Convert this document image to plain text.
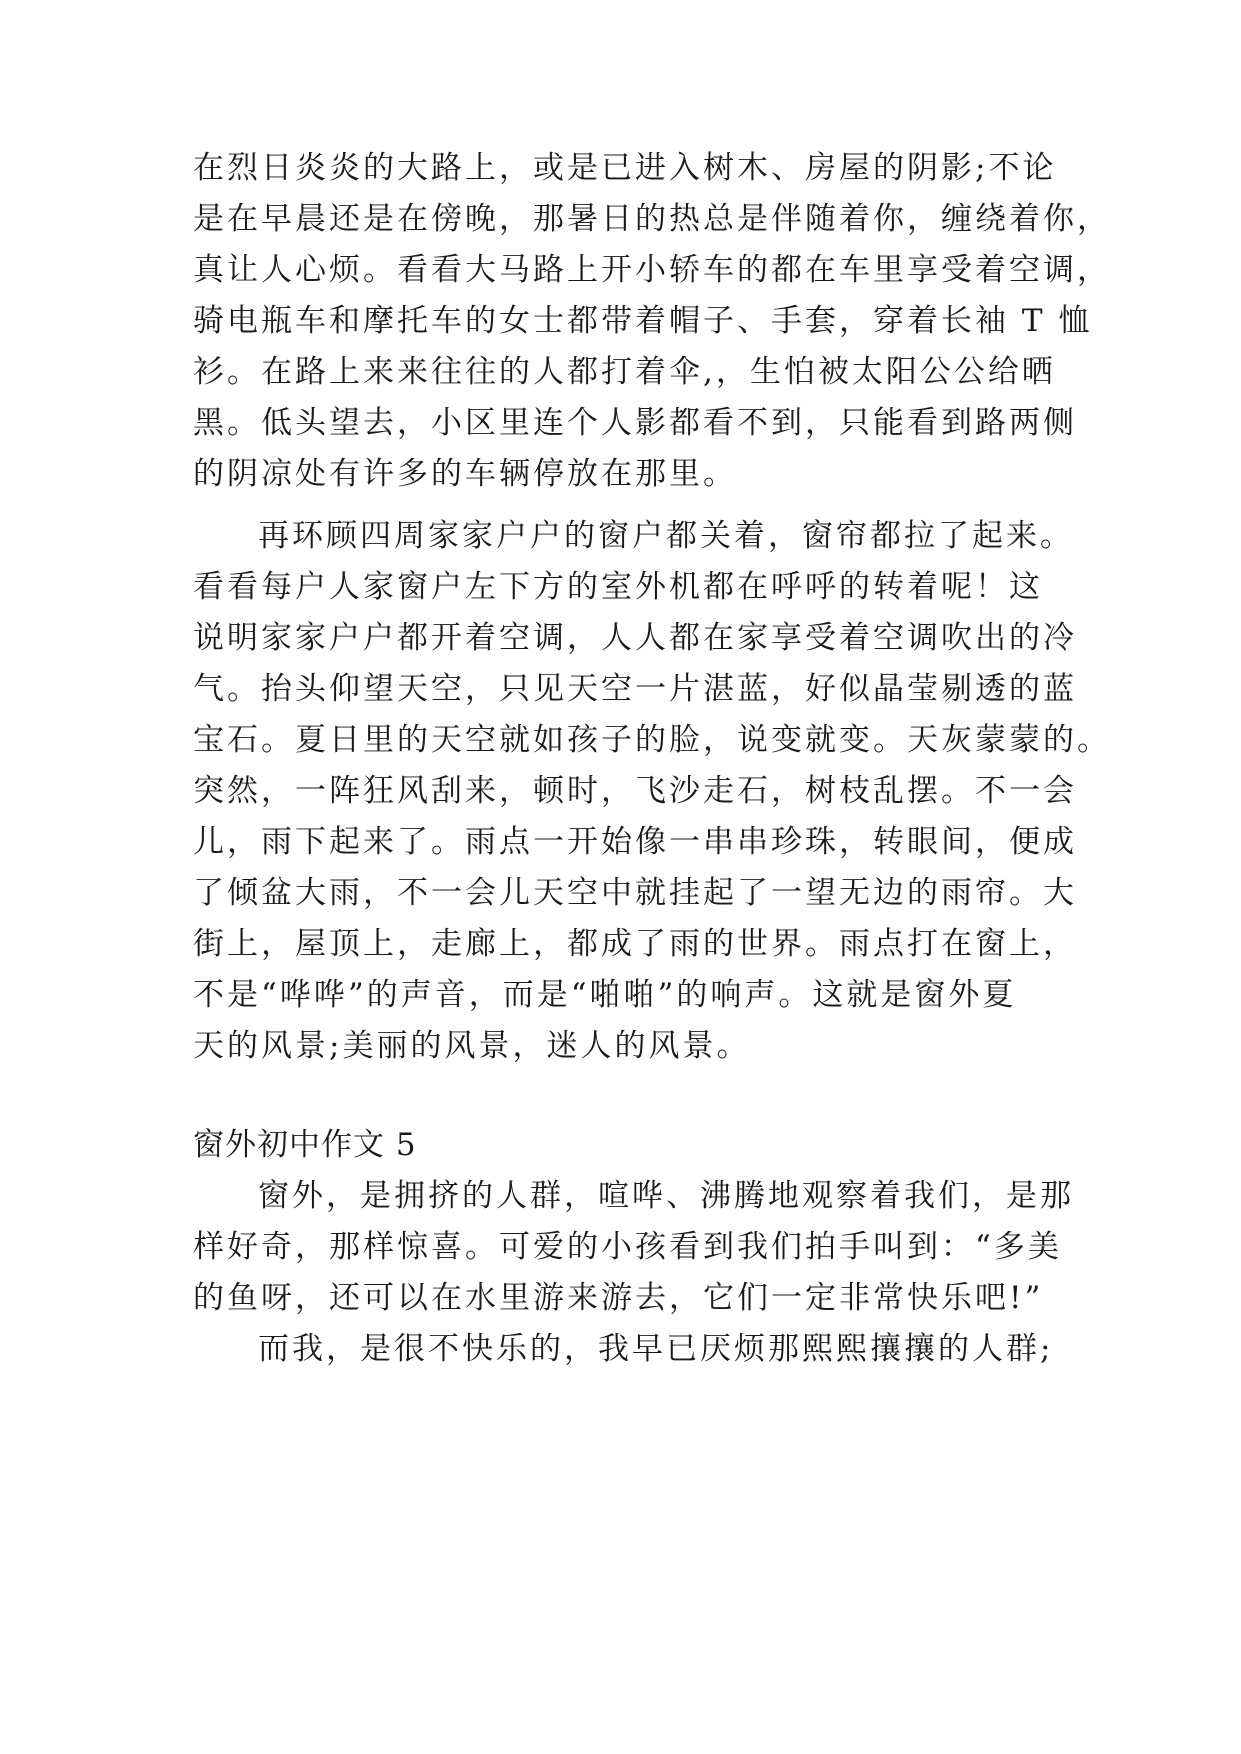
在烈日炎炎的大路上，或是已进入树木、房屋的阴影;不论
是在早晨还是在傍晚，那暑日的热总是伴随着你，缠绕着你，
真让人心烦。看看大马路上开小轿车的都在车里享受着空调，
骑电瓶车和摩托车的女士都带着帽子、手套，穿着长袖 T 恤
衫。在路上来来往往的人都打着伞,，生怕被太阳公公给晒
黑。低头望去，小区里连个人影都看不到，只能看到路两侧
的阴凉处有许多的车辆停放在那里。
再环顾四周家家户户的窗户都关着，窗帘都拉了起来。
看看每户人家窗户左下方的室外机都在呼呼的转着呢！这
说明家家户户都开着空调，人人都在家享受着空调吹出的冷
气。抬头仰望天空，只见天空一片湛蓝，好似晶莹剔透的蓝
宝石。夏日里的天空就如孩子的脸，说变就变。天灰蒙蒙的。
突然，一阵狂风刮来，顿时，飞沙走石，树枝乱摆。不一会
儿，雨下起来了。雨点一开始像一串串珍珠，转眼间，便成
了倾盆大雨，不一会儿天空中就挂起了一望无边的雨帘。大
街上，屋顶上，走廊上，都成了雨的世界。雨点打在窗上，
不是“哗哗”的声音，而是“啪啪”的响声。这就是窗外夏
天的风景;美丽的风景，迷人的风景。
窗外初中作文 5
窗外，是拥挤的人群，喧哗、沸腾地观察着我们，是那
样好奇，那样惊喜。可爱的小孩看到我们拍手叫到：“多美
的鱼呀，还可以在水里游来游去，它们一定非常快乐吧!”
而我，是很不快乐的，我早已厌烦那熙熙攘攘的人群;
